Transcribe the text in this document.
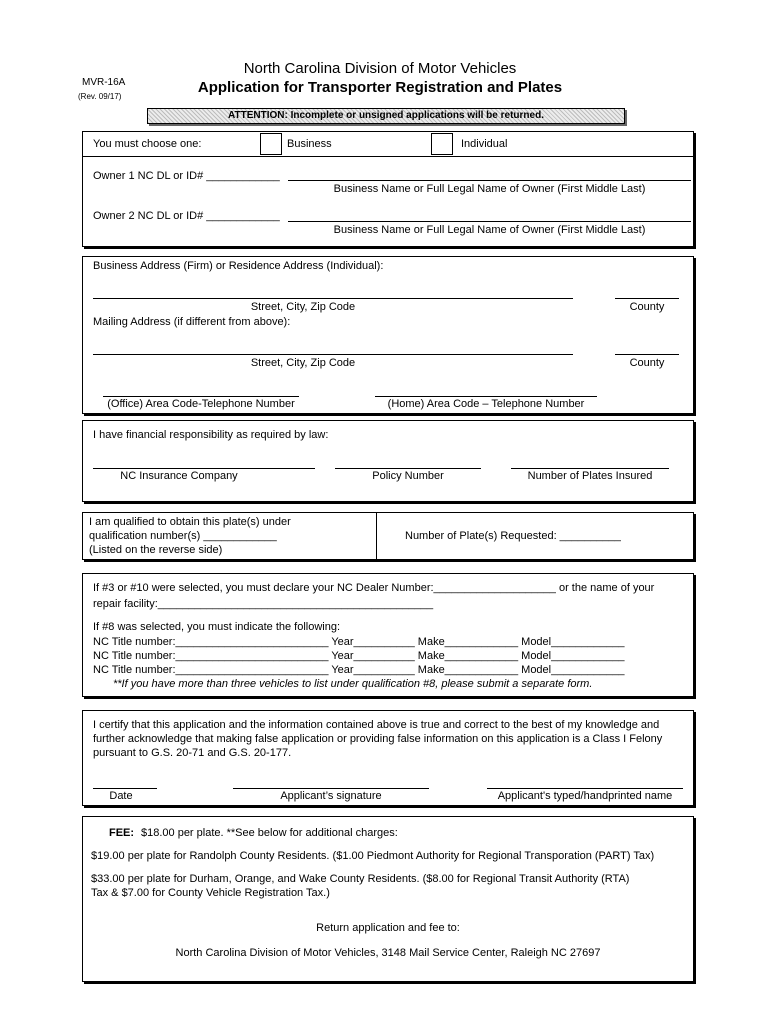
MVR-16A
(Rev. 09/17)
North Carolina Division of Motor Vehicles
Application for Transporter Registration and Plates
ATTENTION: Incomplete or unsigned applications will be returned.
You must choose one:	Business	Individual
Owner 1 NC DL or ID# ____________
Business Name or Full Legal Name of Owner (First Middle Last)
Owner 2 NC DL or ID# ____________
Business Name or Full Legal Name of Owner (First Middle Last)
Business Address (Firm) or Residence Address (Individual):
Street, City, Zip Code	County
Mailing Address (if different from above):
Street, City, Zip Code	County
(Office) Area Code-Telephone Number	(Home) Area Code – Telephone Number
I have financial responsibility as required by law:
NC Insurance Company	Policy Number	Number of Plates Insured
I am qualified to obtain this plate(s) under
qualification number(s) ____________
(Listed on the reverse side)
Number of Plate(s) Requested: __________
If #3 or #10 were selected, you must declare your NC Dealer Number:____________________ or the name of your
repair facility:_____________________________________________
If #8 was selected, you must indicate the following:
NC Title number:_________________________ Year__________ Make____________ Model____________
NC Title number:_________________________ Year__________ Make____________ Model____________
NC Title number:_________________________ Year__________ Make____________ Model____________
**If you have more than three vehicles to list under qualification #8, please submit a separate form.
I certify that this application and the information contained above is true and correct to the best of my knowledge and
further acknowledge that making false application or providing false information on this application is a Class I Felony
pursuant to G.S. 20-71 and G.S. 20-177.
Date	Applicant’s signature	Applicant's typed/handprinted name
FEE: $18.00 per plate. **See below for additional charges:
$19.00 per plate for Randolph County Residents. ($1.00 Piedmont Authority for Regional Transporation (PART) Tax)
$33.00 per plate for Durham, Orange, and Wake County Residents. ($8.00 for Regional Transit Authority (RTA)
Tax & $7.00 for County Vehicle Registration Tax.)
Return application and fee to:
North Carolina Division of Motor Vehicles, 3148 Mail Service Center, Raleigh NC 27697
